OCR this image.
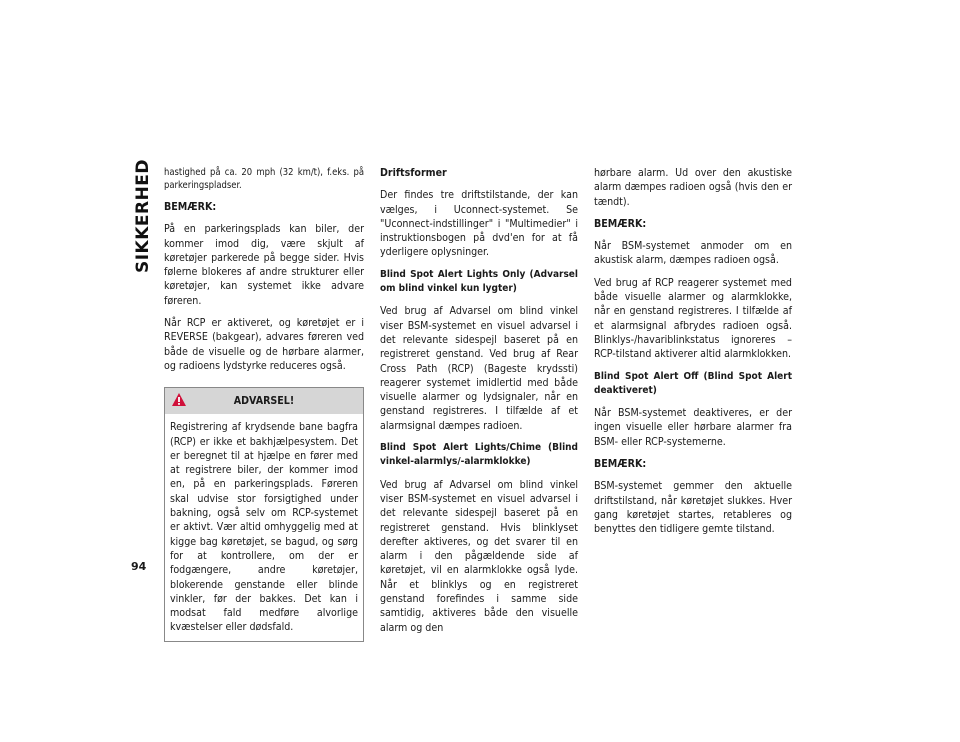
SIKKERHED
94

hastighed på ca. 20 mph (32 km/t), f.eks. på parkeringspladser.

BEMÆRK:

På en parkeringsplads kan biler, der kommer imod dig, være skjult af køretøjer parkerede på begge sider. Hvis følerne blokeres af andre strukturer eller køretøjer, kan systemet ikke advare føreren.

Når RCP er aktiveret, og køretøjet er i REVERSE (bakgear), advares føreren ved både de visuelle og de hørbare alarmer, og radioens lydstyrke reduceres også.

ADVARSEL!

Registrering af krydsende bane bagfra (RCP) er ikke et bakhjælpesystem. Det er beregnet til at hjælpe en fører med at registrere biler, der kommer imod en, på en parkeringsplads. Føreren skal udvise stor forsigtighed under bakning, også selv om RCP-systemet er aktivt. Vær altid omhyggelig med at kigge bag køretøjet, se bagud, og sørg for at kontrollere, om der er fodgængere, andre køretøjer, blokerende genstande eller blinde vinkler, før der bakkes. Det kan i modsat fald medføre alvorlige kvæstelser eller dødsfald.

Driftsformer

Der findes tre driftstilstande, der kan vælges, i Uconnect-systemet. Se "Uconnect-indstillinger" i "Multimedier" i instruktionsbogen på dvd'en for at få yderligere oplysninger.

Blind Spot Alert Lights Only (Advarsel om blind vinkel kun lygter)

Ved brug af Advarsel om blind vinkel viser BSM-systemet en visuel advarsel i det relevante sidespejl baseret på en registreret genstand. Ved brug af Rear Cross Path (RCP) (Bageste krydssti) reagerer systemet imidlertid med både visuelle alarmer og lydsignaler, når en genstand registreres. I tilfælde af et alarmsignal dæmpes radioen.

Blind Spot Alert Lights/Chime (Blind vinkel-alarmlys/-alarmklokke)

Ved brug af Advarsel om blind vinkel viser BSM-systemet en visuel advarsel i det relevante sidespejl baseret på en registreret genstand. Hvis blinklyset derefter aktiveres, og det svarer til en alarm i den pågældende side af køretøjet, vil en alarmklokke også lyde. Når et blinklys og en registreret genstand forefindes i samme side samtidig, aktiveres både den visuelle alarm og den

hørbare alarm. Ud over den akustiske alarm dæmpes radioen også (hvis den er tændt).

BEMÆRK:

Når BSM-systemet anmoder om en akustisk alarm, dæmpes radioen også.

Ved brug af RCP reagerer systemet med både visuelle alarmer og alarmklokke, når en genstand registreres. I tilfælde af et alarmsignal afbrydes radioen også. Blinklys-/havariblinkstatus ignoreres – RCP-tilstand aktiverer altid alarmklokken.

Blind Spot Alert Off (Blind Spot Alert deaktiveret)

Når BSM-systemet deaktiveres, er der ingen visuelle eller hørbare alarmer fra BSM- eller RCP-systemerne.

BEMÆRK:

BSM-systemet gemmer den aktuelle driftstilstand, når køretøjet slukkes. Hver gang køretøjet startes, retableres og benyttes den tidligere gemte tilstand.
